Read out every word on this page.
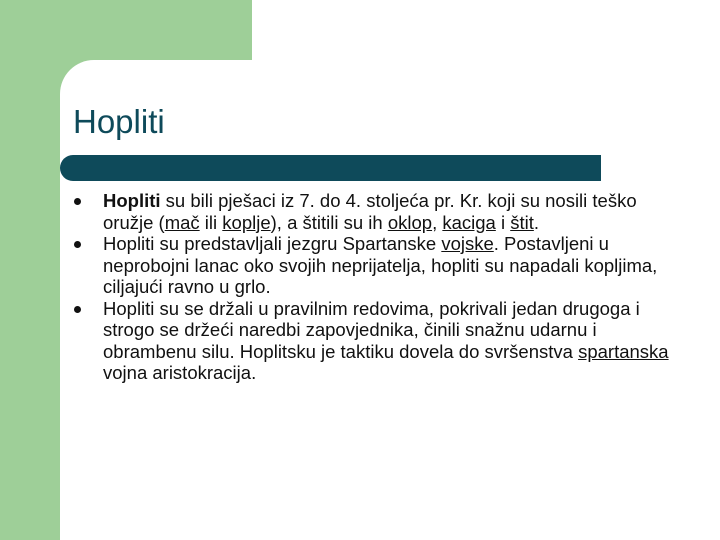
Hopliti
Hopliti su bili pješaci iz 7. do 4. stoljeća pr. Kr. koji su nosili teško oružje (mač ili koplje), a štitili su ih oklop, kaciga i štit.
Hopliti su predstavljali jezgru Spartanske vojske. Postavljeni u neprobojni lanac oko svojih neprijatelja, hopliti su napadali kopljima, ciljajući ravno u grlo.
Hopliti su se držali u pravilnim redovima, pokrivali jedan drugoga i strogo se držeći naredbi zapovjednika, činili snažnu udarnu i obrambenu silu. Hoplitsku je taktiku dovela do svršenstva spartanska vojna aristokracija.
